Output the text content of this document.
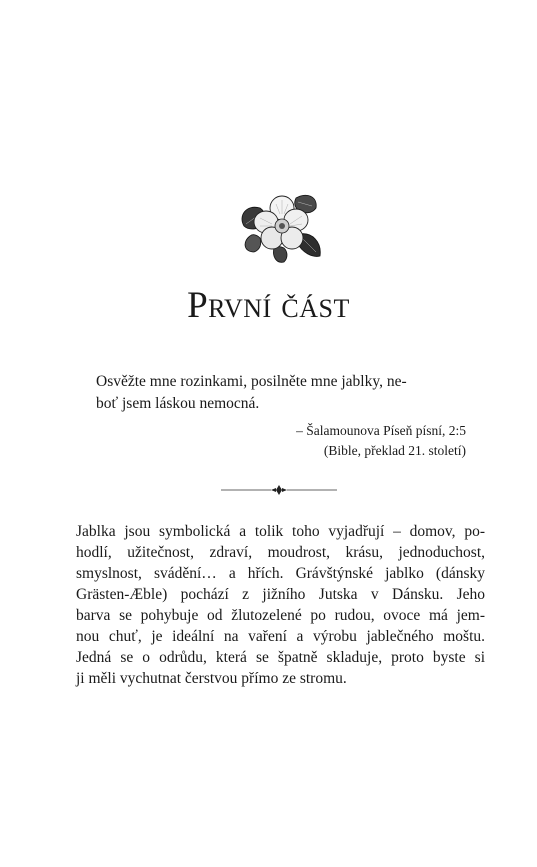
První část

Osvěžte mne rozinkami, posilněte mne jablky, ne-
boť jsem láskou nemocná.

– Šalamounova Píseň písní, 2:5
(Bible, překlad 21. století)

Jablka jsou symbolická a tolik toho vyjadřují – domov, po-
hodlí, užitečnost, zdraví, moudrost, krásu, jednoduchost,
smyslnost, svádění… a hřích. Grávštýnské jablko (dánsky
Grästen-Æble) pochází z jižního Jutska v Dánsku. Jeho
barva se pohybuje od žlutozelené po rudou, ovoce má jem-
nou chuť, je ideální na vaření a výrobu jablečného moštu.
Jedná se o odrůdu, která se špatně skladuje, proto byste si
ji měli vychutnat čerstvou přímo ze stromu.
